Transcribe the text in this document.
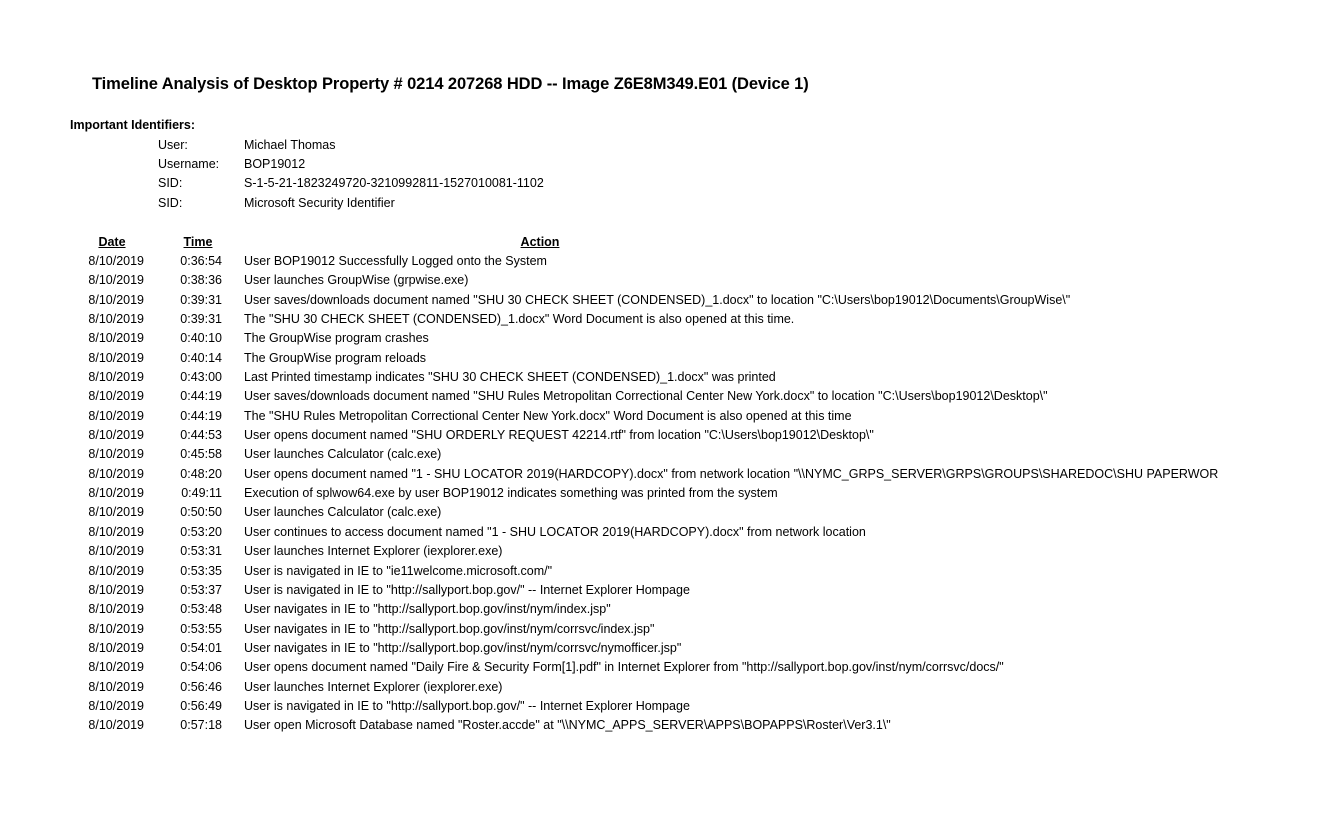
Timeline Analysis of Desktop Property # 0214 207268 HDD -- Image Z6E8M349.E01 (Device 1)
Important Identifiers:
User:	Michael Thomas
Username: BOP19012
SID:	S-1-5-21-1823249720-3210992811-1527010081-1102
SID:	Microsoft Security Identifier
Date	Time	Action
8/10/2019	0:36:54 User BOP19012 Successfully Logged onto the System
8/10/2019	0:38:36 User launches GroupWise (grpwise.exe)
8/10/2019	0:39:31 User saves/downloads document named "SHU 30 CHECK SHEET (CONDENSED)_1.docx" to location "C:\Users\bop19012\Documents\GroupWise\"
8/10/2019	0:39:31 The "SHU 30 CHECK SHEET (CONDENSED)_1.docx" Word Document is also opened at this time.
8/10/2019	0:40:10 The GroupWise program crashes
8/10/2019	0:40:14 The GroupWise program reloads
8/10/2019	0:43:00 Last Printed timestamp indicates "SHU 30 CHECK SHEET (CONDENSED)_1.docx" was printed
8/10/2019	0:44:19 User saves/downloads document named "SHU Rules Metropolitan Correctional Center New York.docx" to location "C:\Users\bop19012\Desktop\"
8/10/2019	0:44:19 The "SHU Rules Metropolitan Correctional Center New York.docx" Word Document is also opened at this time
8/10/2019	0:44:53 User opens document named "SHU ORDERLY REQUEST 42214.rtf" from location "C:\Users\bop19012\Desktop\"
8/10/2019	0:45:58 User launches Calculator (calc.exe)
8/10/2019	0:48:20 User opens document named "1 - SHU LOCATOR 2019(HARDCOPY).docx" from network location "\\NYMC_GRPS_SERVER\GRPS\GROUPS\SHAREDOC\SHU PAPERWOR
8/10/2019	0:49:11 Execution of splwow64.exe by user BOP19012 indicates something was printed from the system
8/10/2019	0:50:50 User launches Calculator (calc.exe)
8/10/2019	0:53:20 User continues to access document named "1 - SHU LOCATOR 2019(HARDCOPY).docx" from network location
8/10/2019	0:53:31 User launches Internet Explorer (iexplorer.exe)
8/10/2019	0:53:35 User is navigated in IE to "ie11welcome.microsoft.com/"
8/10/2019	0:53:37 User is navigated in IE to "http://sallyport.bop.gov/" -- Internet Explorer Hompage
8/10/2019	0:53:48 User navigates in IE to "http://sallyport.bop.gov/inst/nym/index.jsp"
8/10/2019	0:53:55 User navigates in IE to "http://sallyport.bop.gov/inst/nym/corrsvc/index.jsp"
8/10/2019	0:54:01 User navigates in IE to "http://sallyport.bop.gov/inst/nym/corrsvc/nymofficer.jsp"
8/10/2019	0:54:06 User opens document named "Daily Fire & Security Form[1].pdf" in Internet Explorer from "http://sallyport.bop.gov/inst/nym/corrsvc/docs/"
8/10/2019	0:56:46 User launches Internet Explorer (iexplorer.exe)
8/10/2019	0:56:49 User is navigated in IE to "http://sallyport.bop.gov/" -- Internet Explorer Hompage
8/10/2019	0:57:18 User open Microsoft Database named "Roster.accde" at "\\NYMC_APPS_SERVER\APPS\BOPAPPS\Roster\Ver3.1\"
